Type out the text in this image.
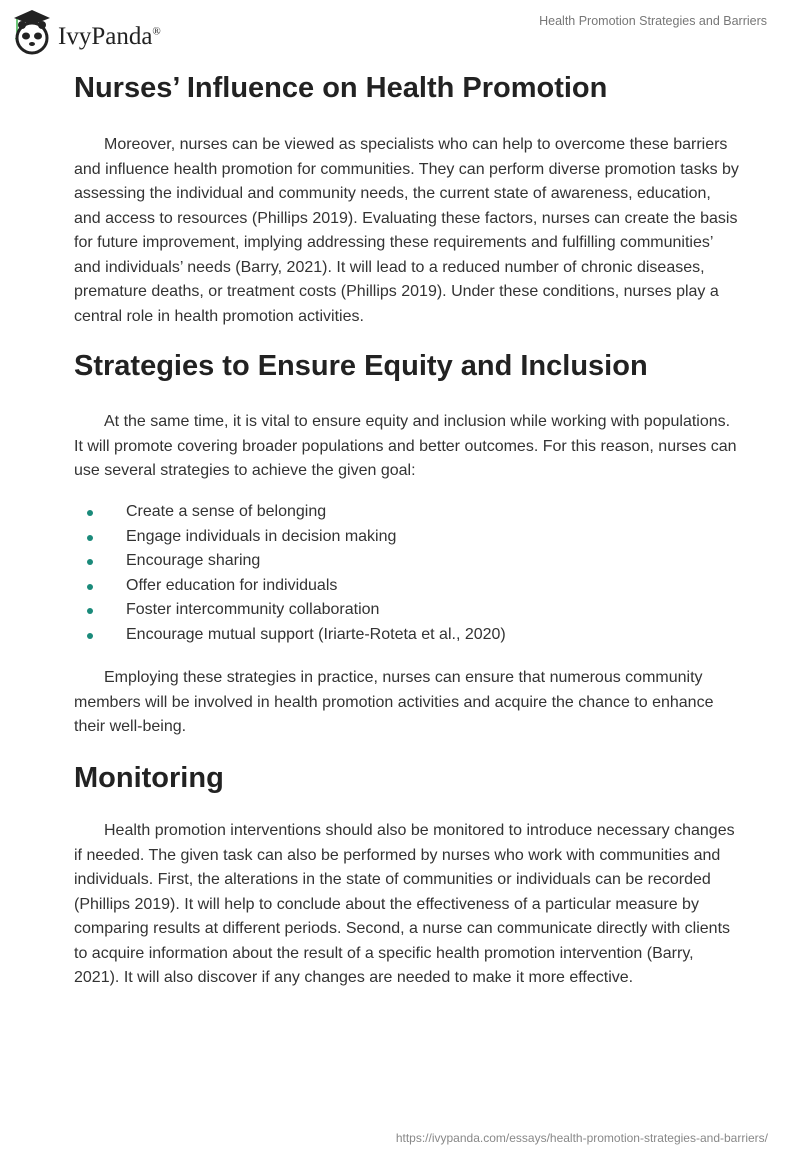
IvyPanda®
Health Promotion Strategies and Barriers
Nurses’ Influence on Health Promotion

Moreover, nurses can be viewed as specialists who can help to overcome these barriers and influence health promotion for communities. They can perform diverse promotion tasks by assessing the individual and community needs, the current state of awareness, education, and access to resources (Phillips 2019). Evaluating these factors, nurses can create the basis for future improvement, implying addressing these requirements and fulfilling communities’ and individuals’ needs (Barry, 2021). It will lead to a reduced number of chronic diseases, premature deaths, or treatment costs (Phillips 2019). Under these conditions, nurses play a central role in health promotion activities.

Strategies to Ensure Equity and Inclusion

At the same time, it is vital to ensure equity and inclusion while working with populations. It will promote covering broader populations and better outcomes. For this reason, nurses can use several strategies to achieve the given goal:

Create a sense of belonging
Engage individuals in decision making
Encourage sharing
Offer education for individuals
Foster intercommunity collaboration
Encourage mutual support (Iriarte-Roteta et al., 2020)

Employing these strategies in practice, nurses can ensure that numerous community members will be involved in health promotion activities and acquire the chance to enhance their well-being.

Monitoring

Health promotion interventions should also be monitored to introduce necessary changes if needed. The given task can also be performed by nurses who work with communities and individuals. First, the alterations in the state of communities or individuals can be recorded (Phillips 2019). It will help to conclude about the effectiveness of a particular measure by comparing results at different periods. Second, a nurse can communicate directly with clients to acquire information about the result of a specific health promotion intervention (Barry, 2021). It will also discover if any changes are needed to make it more effective.

https://ivypanda.com/essays/health-promotion-strategies-and-barriers/
